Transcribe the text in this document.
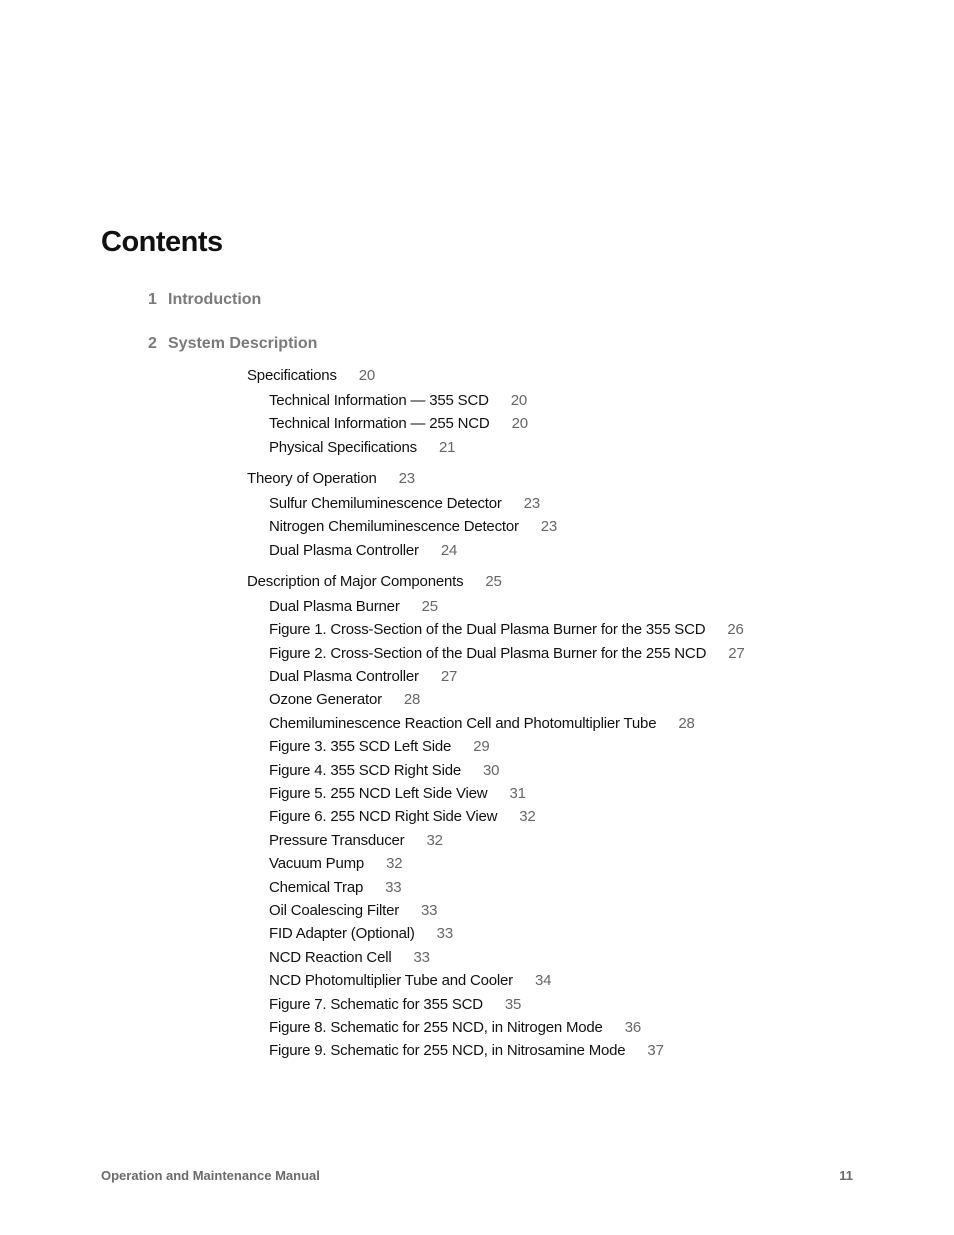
Contents
1 Introduction
2 System Description
Specifications 20
Technical Information — 355 SCD 20
Technical Information — 255 NCD 20
Physical Specifications 21
Theory of Operation 23
Sulfur Chemiluminescence Detector 23
Nitrogen Chemiluminescence Detector 23
Dual Plasma Controller 24
Description of Major Components 25
Dual Plasma Burner 25
Figure 1. Cross-Section of the Dual Plasma Burner for the 355 SCD 26
Figure 2. Cross-Section of the Dual Plasma Burner for the 255 NCD 27
Dual Plasma Controller 27
Ozone Generator 28
Chemiluminescence Reaction Cell and Photomultiplier Tube 28
Figure 3. 355 SCD Left Side 29
Figure 4. 355 SCD Right Side 30
Figure 5. 255 NCD Left Side View 31
Figure 6. 255 NCD Right Side View 32
Pressure Transducer 32
Vacuum Pump 32
Chemical Trap 33
Oil Coalescing Filter 33
FID Adapter (Optional) 33
NCD Reaction Cell 33
NCD Photomultiplier Tube and Cooler 34
Figure 7. Schematic for 355 SCD 35
Figure 8. Schematic for 255 NCD, in Nitrogen Mode 36
Figure 9. Schematic for 255 NCD, in Nitrosamine Mode 37
Operation and Maintenance Manual	11
